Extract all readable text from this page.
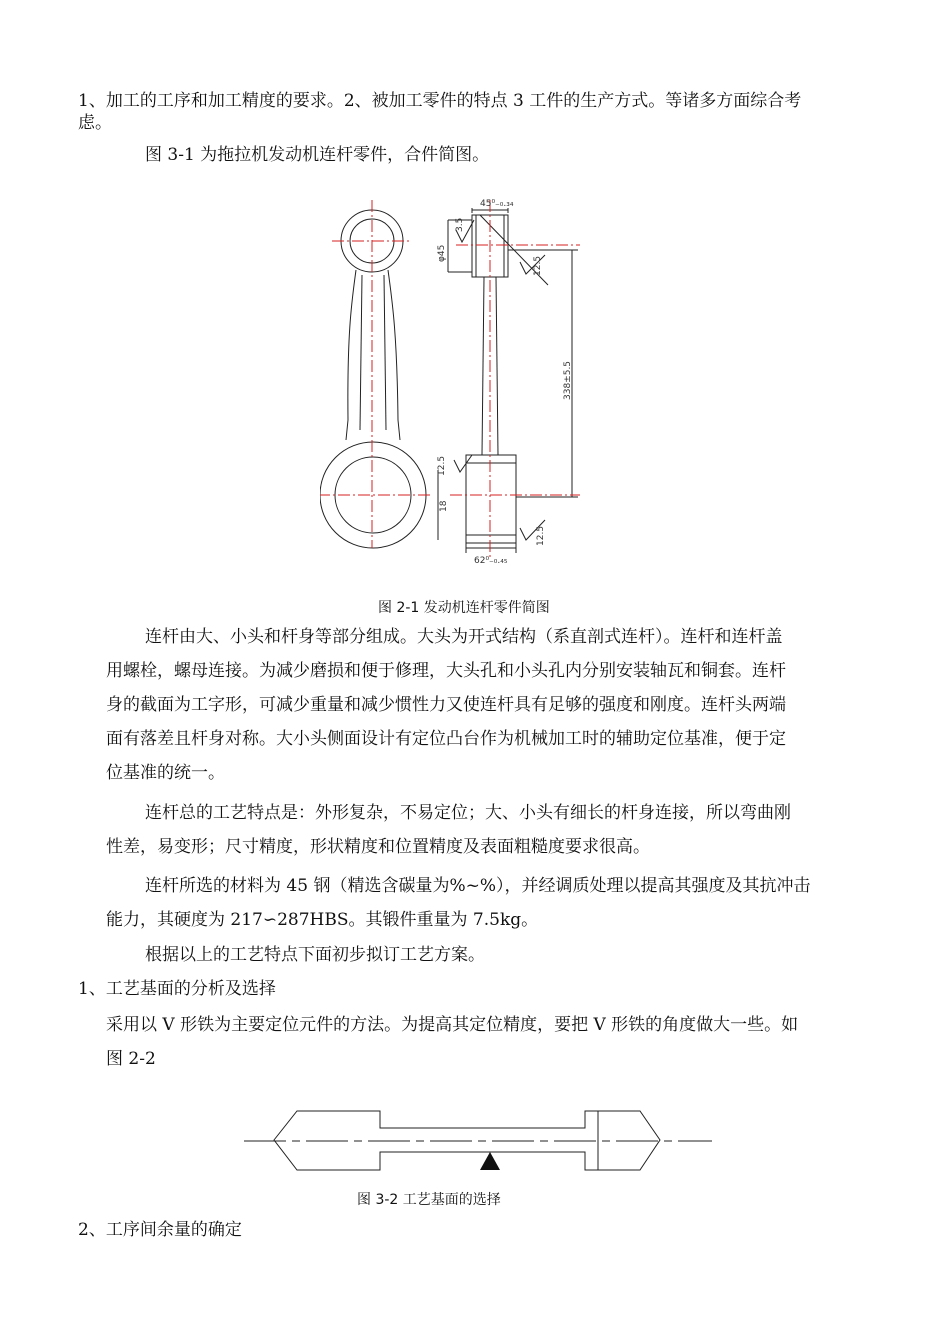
1、加工的工序和加工精度的要求。2、被加工零件的特点 3 工件的生产方式。等诸多方面综合考

虑。

图 3-1 为拖拉机发动机连杆零件，合件简图。

45⁰₋₀.₃₄
φ45
3.5
12.5
338±5.5
12.5
18
12.5
62⁰₋₀.₄₅
图 2-1 发动机连杆零件简图

连杆由大、小头和杆身等部分组成。大头为开式结构（系直剖式连杆）。连杆和连杆盖

用螺栓，螺母连接。为减少磨损和便于修理，大头孔和小头孔内分别安装轴瓦和铜套。连杆

身的截面为工字形，可减少重量和减少惯性力又使连杆具有足够的强度和刚度。连杆头两端

面有落差且杆身对称。大小头侧面设计有定位凸台作为机械加工时的辅助定位基准，便于定

位基准的统一。

连杆总的工艺特点是：外形复杂，不易定位；大、小头有细长的杆身连接，所以弯曲刚

性差，易变形；尺寸精度，形状精度和位置精度及表面粗糙度要求很高。

连杆所选的材料为 45 钢（精选含碳量为%~%），并经调质处理以提高其强度及其抗冲击

能力，其硬度为 217∽287HBS。其锻件重量为 7.5kg。

根据以上的工艺特点下面初步拟订工艺方案。

1、工艺基面的分析及选择

采用以 V 形铁为主要定位元件的方法。为提高其定位精度，要把 V 形铁的角度做大一些。如

图 2-2

图 3-2 工艺基面的选择

2、工序间余量的确定
